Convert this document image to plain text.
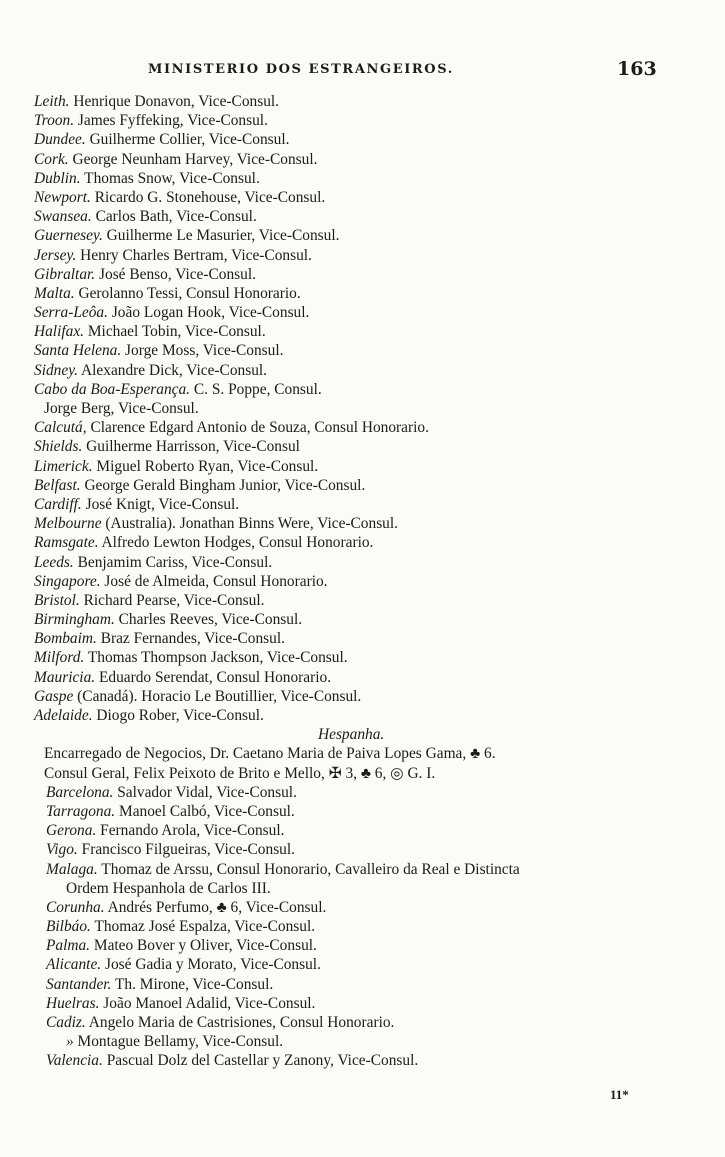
MINISTERIO DOS ESTRANGEIROS.	163
Leith. Henrique Donavon, Vice-Consul.
Troon. James Fyffeking, Vice-Consul.
Dundee. Guilherme Collier, Vice-Consul.
Cork. George Neunham Harvey, Vice-Consul.
Dublin. Thomas Snow, Vice-Consul.
Newport. Ricardo G. Stonehouse, Vice-Consul.
Swansea. Carlos Bath, Vice-Consul.
Guernesey. Guilherme Le Masurier, Vice-Consul.
Jersey. Henry Charles Bertram, Vice-Consul.
Gibraltar. José Benso, Vice-Consul.
Malta. Gerolanno Tessi, Consul Honorario.
Serra-Leôa. João Logan Hook, Vice-Consul.
Halifax. Michael Tobin, Vice-Consul.
Santa Helena. Jorge Moss, Vice-Consul.
Sidney. Alexandre Dick, Vice-Consul.
Cabo da Boa-Esperança. C. S. Poppe, Consul.
Jorge Berg, Vice-Consul.
Calcutá, Clarence Edgard Antonio de Souza, Consul Honorario.
Shields. Guilherme Harrisson, Vice-Consul
Limerick. Miguel Roberto Ryan, Vice-Consul.
Belfast. George Gerald Bingham Junior, Vice-Consul.
Cardiff. José Knigt, Vice-Consul.
Melbourne (Australia). Jonathan Binns Were, Vice-Consul.
Ramsgate. Alfredo Lewton Hodges, Consul Honorario.
Leeds. Benjamim Cariss, Vice-Consul.
Singapore. José de Almeida, Consul Honorario.
Bristol. Richard Pearse, Vice-Consul.
Birmingham. Charles Reeves, Vice-Consul.
Bombaim. Braz Fernandes, Vice-Consul.
Milford. Thomas Thompson Jackson, Vice-Consul.
Mauricia. Eduardo Serendat, Consul Honorario.
Gaspe (Canadá). Horacio Le Boutillier, Vice-Consul.
Adelaide. Diogo Rober, Vice-Consul.
Hespanha.
Encarregado de Negocios, Dr. Caetano Maria de Paiva Lopes Gama, ♣ 6.
Consul Geral, Felix Peixoto de Brito e Mello, ✠ 3, ♣ 6, ◎ G. I.
Barcelona. Salvador Vidal, Vice-Consul.
Tarragona. Manoel Calbó, Vice-Consul.
Gerona. Fernando Arola, Vice-Consul.
Vigo. Francisco Filgueiras, Vice-Consul.
Malaga. Thomaz de Arssu, Consul Honorario, Cavalleiro da Real e Distincta
Ordem Hespanhola de Carlos III.
Corunha. Andrés Perfumo, ♣ 6, Vice-Consul.
Bilbáo. Thomaz José Espalza, Vice-Consul.
Palma. Mateo Bover y Oliver, Vice-Consul.
Alicante. José Gadia y Morato, Vice-Consul.
Santander. Th. Mirone, Vice-Consul.
Huelras. João Manoel Adalid, Vice-Consul.
Cadiz. Angelo Maria de Castrisiones, Consul Honorario.
» Montague Bellamy, Vice-Consul.
Valencia. Pascual Dolz del Castellar y Zanony, Vice-Consul.
11*
